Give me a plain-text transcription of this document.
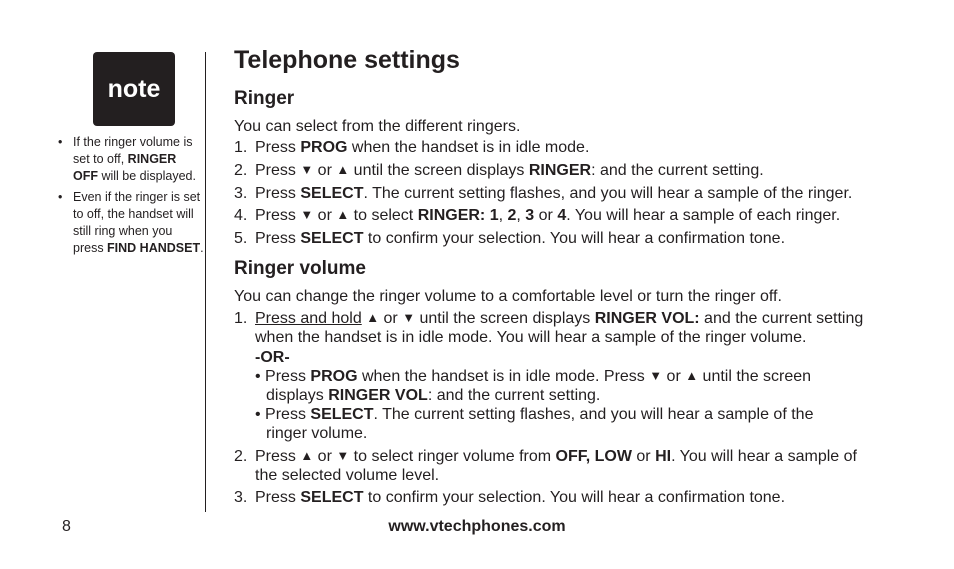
note
• If the ringer volume is set to off, RINGER OFF will be displayed.
• Even if the ringer is set to off, the handset will still ring when you press FIND HANDSET.
Telephone settings
Ringer
You can select from the different ringers.
1. Press PROG when the handset is in idle mode.
2. Press ▼ or ▲ until the screen displays RINGER: and the current setting.
3. Press SELECT. The current setting flashes, and you will hear a sample of the ringer.
4. Press ▼ or ▲ to select RINGER: 1, 2, 3 or 4. You will hear a sample of each ringer.
5. Press SELECT to confirm your selection. You will hear a confirmation tone.
Ringer volume
You can change the ringer volume to a comfortable level or turn the ringer off.
1. Press and hold ▲ or ▼ until the screen displays RINGER VOL: and the current setting
when the handset is in idle mode. You will hear a sample of the ringer volume.
-OR-
• Press PROG when the handset is in idle mode. Press ▼ or ▲ until the screen
displays RINGER VOL: and the current setting.
• Press SELECT. The current setting flashes, and you will hear a sample of the
ringer volume.
2. Press ▲ or ▼ to select ringer volume from OFF, LOW or HI. You will hear a sample of
the selected volume level.
3. Press SELECT to confirm your selection. You will hear a confirmation tone.
8	www.vtechphones.com
